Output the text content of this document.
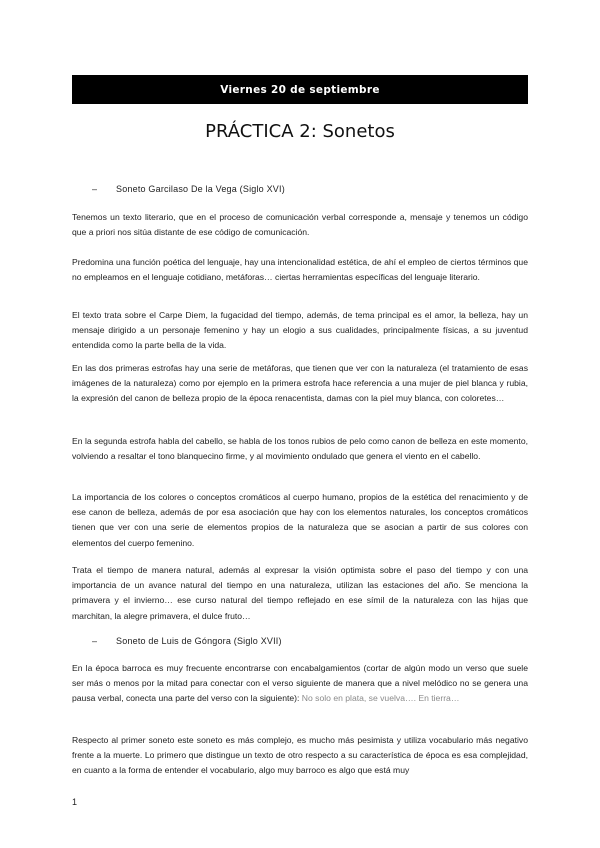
Viernes 20 de septiembre
PRÁCTICA 2: Sonetos
–	Soneto Garcilaso De la Vega (Siglo XVI)

Tenemos un texto literario, que en el proceso de comunicación verbal corresponde a, mensaje y tenemos un código que a priori nos sitúa distante de ese código de comunicación.

Predomina una función poética del lenguaje, hay una intencionalidad estética, de ahí el empleo de ciertos términos que no empleamos en el lenguaje cotidiano, metáforas… ciertas herramientas específicas del lenguaje literario.

El texto trata sobre el Carpe Diem, la fugacidad del tiempo, además, de tema principal es el amor, la belleza, hay un mensaje dirigido a un personaje femenino y hay un elogio a sus cualidades, principalmente físicas, a su juventud entendida como la parte bella de la vida.

En las dos primeras estrofas hay una serie de metáforas, que tienen que ver con la naturaleza (el tratamiento de esas imágenes de la naturaleza) como por ejemplo en la primera estrofa hace referencia a una mujer de piel blanca y rubia, la expresión del canon de belleza propio de la época renacentista, damas con la piel muy blanca, con coloretes…

En la segunda estrofa habla del cabello, se habla de los tonos rubios de pelo como canon de belleza en este momento, volviendo a resaltar el tono blanquecino firme, y al movimiento ondulado que genera el viento en el cabello.

La importancia de los colores o conceptos cromáticos al cuerpo humano, propios de la estética del renacimiento y de ese canon de belleza, además de por esa asociación que hay con los elementos naturales, los conceptos cromáticos tienen que ver con una serie de elementos propios de la naturaleza que se asocian a partir de sus colores con elementos del cuerpo femenino.

Trata el tiempo de manera natural, además al expresar la visión optimista sobre el paso del tiempo y con una importancia de un avance natural del tiempo en una naturaleza, utilizan las estaciones del año. Se menciona la primavera y el invierno… ese curso natural del tiempo reflejado en ese símil de la naturaleza con las hijas que marchitan, la alegre primavera, el dulce fruto…

–	Soneto de Luis de Góngora (Siglo XVII)

En la época barroca es muy frecuente encontrarse con encabalgamientos (cortar de algún modo un verso que suele ser más o menos por la mitad para conectar con el verso siguiente de manera que a nivel melódico no se genera una pausa verbal, conecta una parte del verso con la siguiente): No solo en plata, se vuelva…. En tierra…

Respecto al primer soneto este soneto es más complejo, es mucho más pesimista y utiliza vocabulario más negativo frente a la muerte. Lo primero que distingue un texto de otro respecto a su característica de época es esa complejidad, en cuanto a la forma de entender el vocabulario, algo muy barroco es algo que está muy

1
